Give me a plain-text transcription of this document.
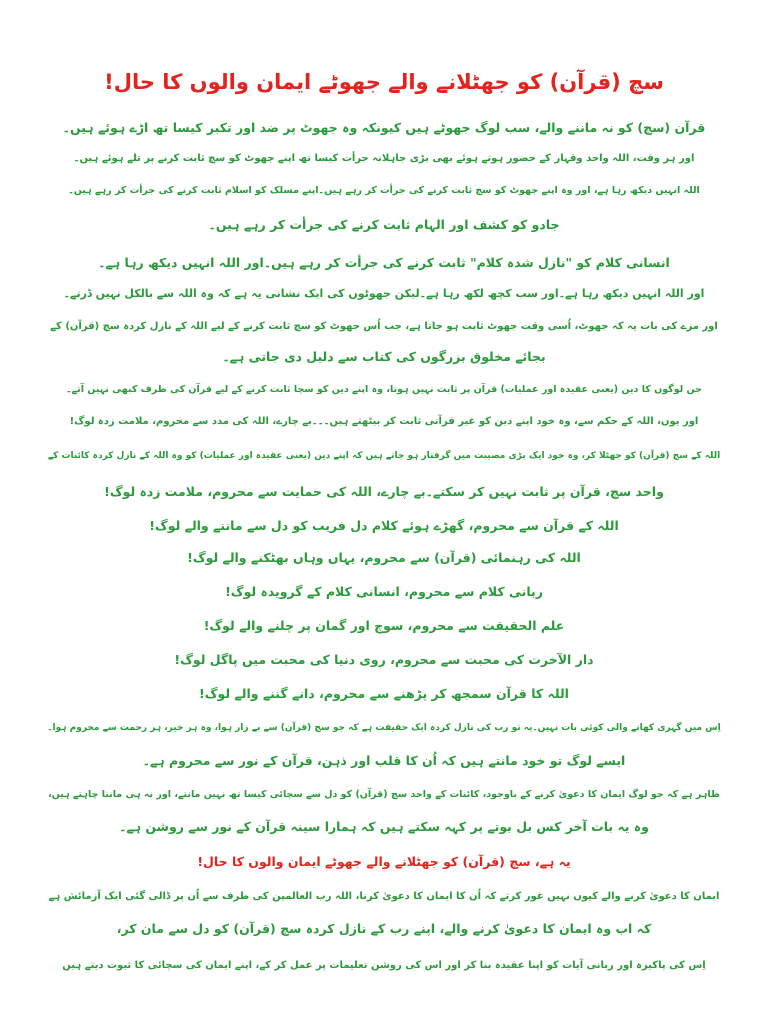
سچ (قرآن) کو جھٹلانے والے جھوٹے ایمان والوں کا حال!
قرآن (سچ) کو نہ ماننے والے، سب لوگ جھوٹے ہیں کیونکہ وہ جھوٹ پر ضد اور تکبر کیسا تھ اڑے ہوئے ہیں۔
اور ہر وقت، اللہ واحد وقہار کے حضور ہوتے ہوئے بھی بڑی جاہلانہ جرأت کیسا تھ اپنے جھوٹ کو سچ ثابت کرنے پر تلے ہوئے ہیں۔
اللہ انہیں دیکھ رہا ہے، اور وہ اپنے جھوٹ کو سچ ثابت کرنے کی جرأت کر رہے ہیں۔اپنے مسلک کو اسلام ثابت کرنے کی جرأت کر رہے ہیں۔
جادو کو کشف اور الہام ثابت کرنے کی جرأت کر رہے ہیں۔
انسانی کلام کو "نازل شدہ کلام" ثابت کرنے کی جرأت کر رہے ہیں۔اور اللہ انہیں دیکھ رہا ہے۔
اور اللہ انہیں دیکھ رہا ہے۔اور سب کچھ لکھ رہا ہے۔لیکن جھوٹوں کی ایک نشانی یہ ہے کہ وہ اللہ سے بالکل نہیں ڈرتے۔
اور مزے کی بات یہ کہ جھوٹ، اُسی وقت جھوٹ ثابت ہو جاتا ہے، جب اُس جھوٹ کو سچ ثابت کرنے کے لیے اللہ کے نازل کردہ سچ (قرآن) کے
بجائے مخلوق بزرگوں کی کتاب سے دلیل دی جاتی ہے۔
جن لوگوں کا دین (یعنی عقیدہ اور عملیات) قرآن پر ثابت نہیں ہوتا، وہ اپنے دین کو سچا ثابت کرنے کے لیے قرآن کی طرف کبھی نہیں آتے۔
اور یوں، اللہ کے حکم سے، وہ خود اپنے دین کو غیر قرآنی ثابت کر بیٹھتے ہیں۔۔۔بے چارے، اللہ کی مدد سے محروم، ملامت زدہ لوگ!
اللہ کے سچ (قرآن) کو جھٹلا کر، وہ خود ایک بڑی مصیبت میں گرفتار ہو جاتے ہیں کہ اپنے دین (یعنی عقیدہ اور عملیات) کو وہ اللہ کے نازل کردہ کائنات کے
واحد سچ، قرآن پر ثابت نہیں کر سکتے۔بے چارے، اللہ کی حمایت سے محروم، ملامت زدہ لوگ!
اللہ کے قرآن سے محروم، گھڑے ہوئے کلام دل فریب کو دل سے ماننے والے لوگ!
اللہ کی رہنمائی (قرآن) سے محروم، یہاں وہاں بھٹکنے والے لوگ!
ربانی کلام سے محروم، انسانی کلام کے گرویدہ لوگ!
علم الحقیقت سے محروم، سوچ اور گمان پر چلنے والے لوگ!
دار الآخرت کی محبت سے محروم، روی دنیا کی محبت میں پاگل لوگ!
اللہ کا قرآن سمجھ کر پڑھنے سے محروم، دانے گننے والے لوگ!
اِس میں گہری کھانے والی کوئی بات نہیں۔یہ تو رب کی نازل کردہ ایک حقیقت ہے کہ جو سچ (قرآن) سے بے زار ہوا، وہ ہر خیر، ہر رحمت سے محروم ہوا۔
ایسے لوگ تو خود مانتے ہیں کہ اُن کا قلب اور ذہن، قرآن کے نور سے محروم ہے۔
ظاہر ہے کہ جو لوگ ایمان کا دعویٰ کرنے کے باوجود، کائنات کے واحد سچ (قرآن) کو دل سے سچائی کیسا تھ نہیں مانتے، اور نہ ہی ماننا چاہتے ہیں،
وہ یہ بات آخر کس بل بوتے پر کہہ سکتے ہیں کہ ہمارا سینہ قرآن کے نور سے روشن ہے۔
یہ ہے، سچ (قرآن) کو جھٹلانے والے جھوٹے ایمان والوں کا حال!
ایمان کا دعویٰ کرنے والے کیوں نہیں غور کرتے کہ اُن کا ایمان کا دعویٰ کرنا، اللہ رب العالمین کی طرف سے اُن پر ڈالی گئی ایک آزمائش ہے
کہ اب وہ ایمان کا دعویٰ کرنے والے، اپنے رب کے نازل کردہ سچ (قرآن) کو دل سے مان کر،
اِس کی پاکیزہ اور ربانی آیات کو اپنا عقیدہ بنا کر اور اس کی روشن تعلیمات پر عمل کر کے، اپنے ایمان کی سچائی کا ثبوت دیتے ہیں
